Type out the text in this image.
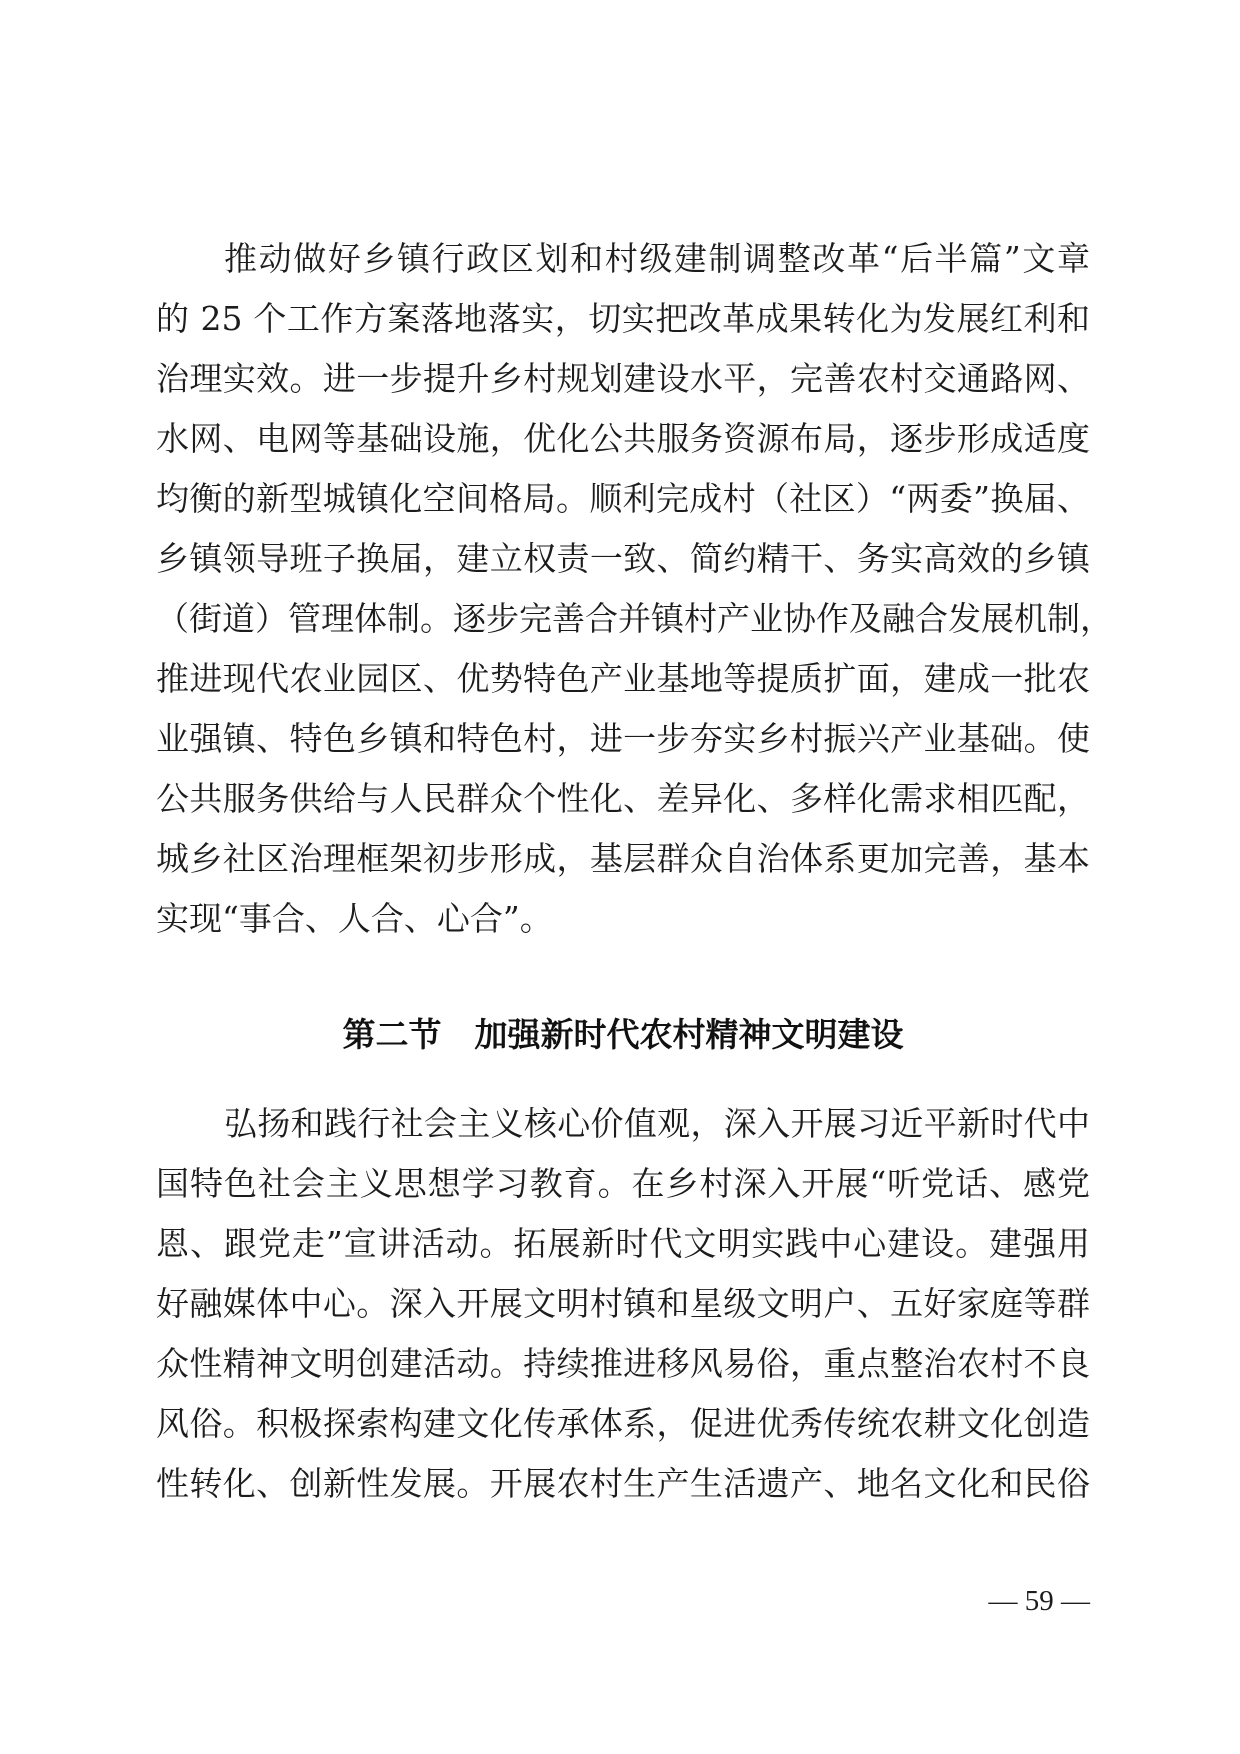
推动做好乡镇行政区划和村级建制调整改革“后半篇”文章
的 25 个工作方案落地落实，切实把改革成果转化为发展红利和
治理实效。进一步提升乡村规划建设水平，完善农村交通路网、
水网、电网等基础设施，优化公共服务资源布局，逐步形成适度
均衡的新型城镇化空间格局。顺利完成村（社区）“两委”换届、
乡镇领导班子换届，建立权责一致、简约精干、务实高效的乡镇
（街道）管理体制。逐步完善合并镇村产业协作及融合发展机制，
推进现代农业园区、优势特色产业基地等提质扩面，建成一批农
业强镇、特色乡镇和特色村，进一步夯实乡村振兴产业基础。使
公共服务供给与人民群众个性化、差异化、多样化需求相匹配，
城乡社区治理框架初步形成，基层群众自治体系更加完善，基本
实现“事合、人合、心合”。
第二节　加强新时代农村精神文明建设
弘扬和践行社会主义核心价值观，深入开展习近平新时代中
国特色社会主义思想学习教育。在乡村深入开展“听党话、感党
恩、跟党走”宣讲活动。拓展新时代文明实践中心建设。建强用
好融媒体中心。深入开展文明村镇和星级文明户、五好家庭等群
众性精神文明创建活动。持续推进移风易俗，重点整治农村不良
风俗。积极探索构建文化传承体系，促进优秀传统农耕文化创造
性转化、创新性发展。开展农村生产生活遗产、地名文化和民俗
— 59 —
